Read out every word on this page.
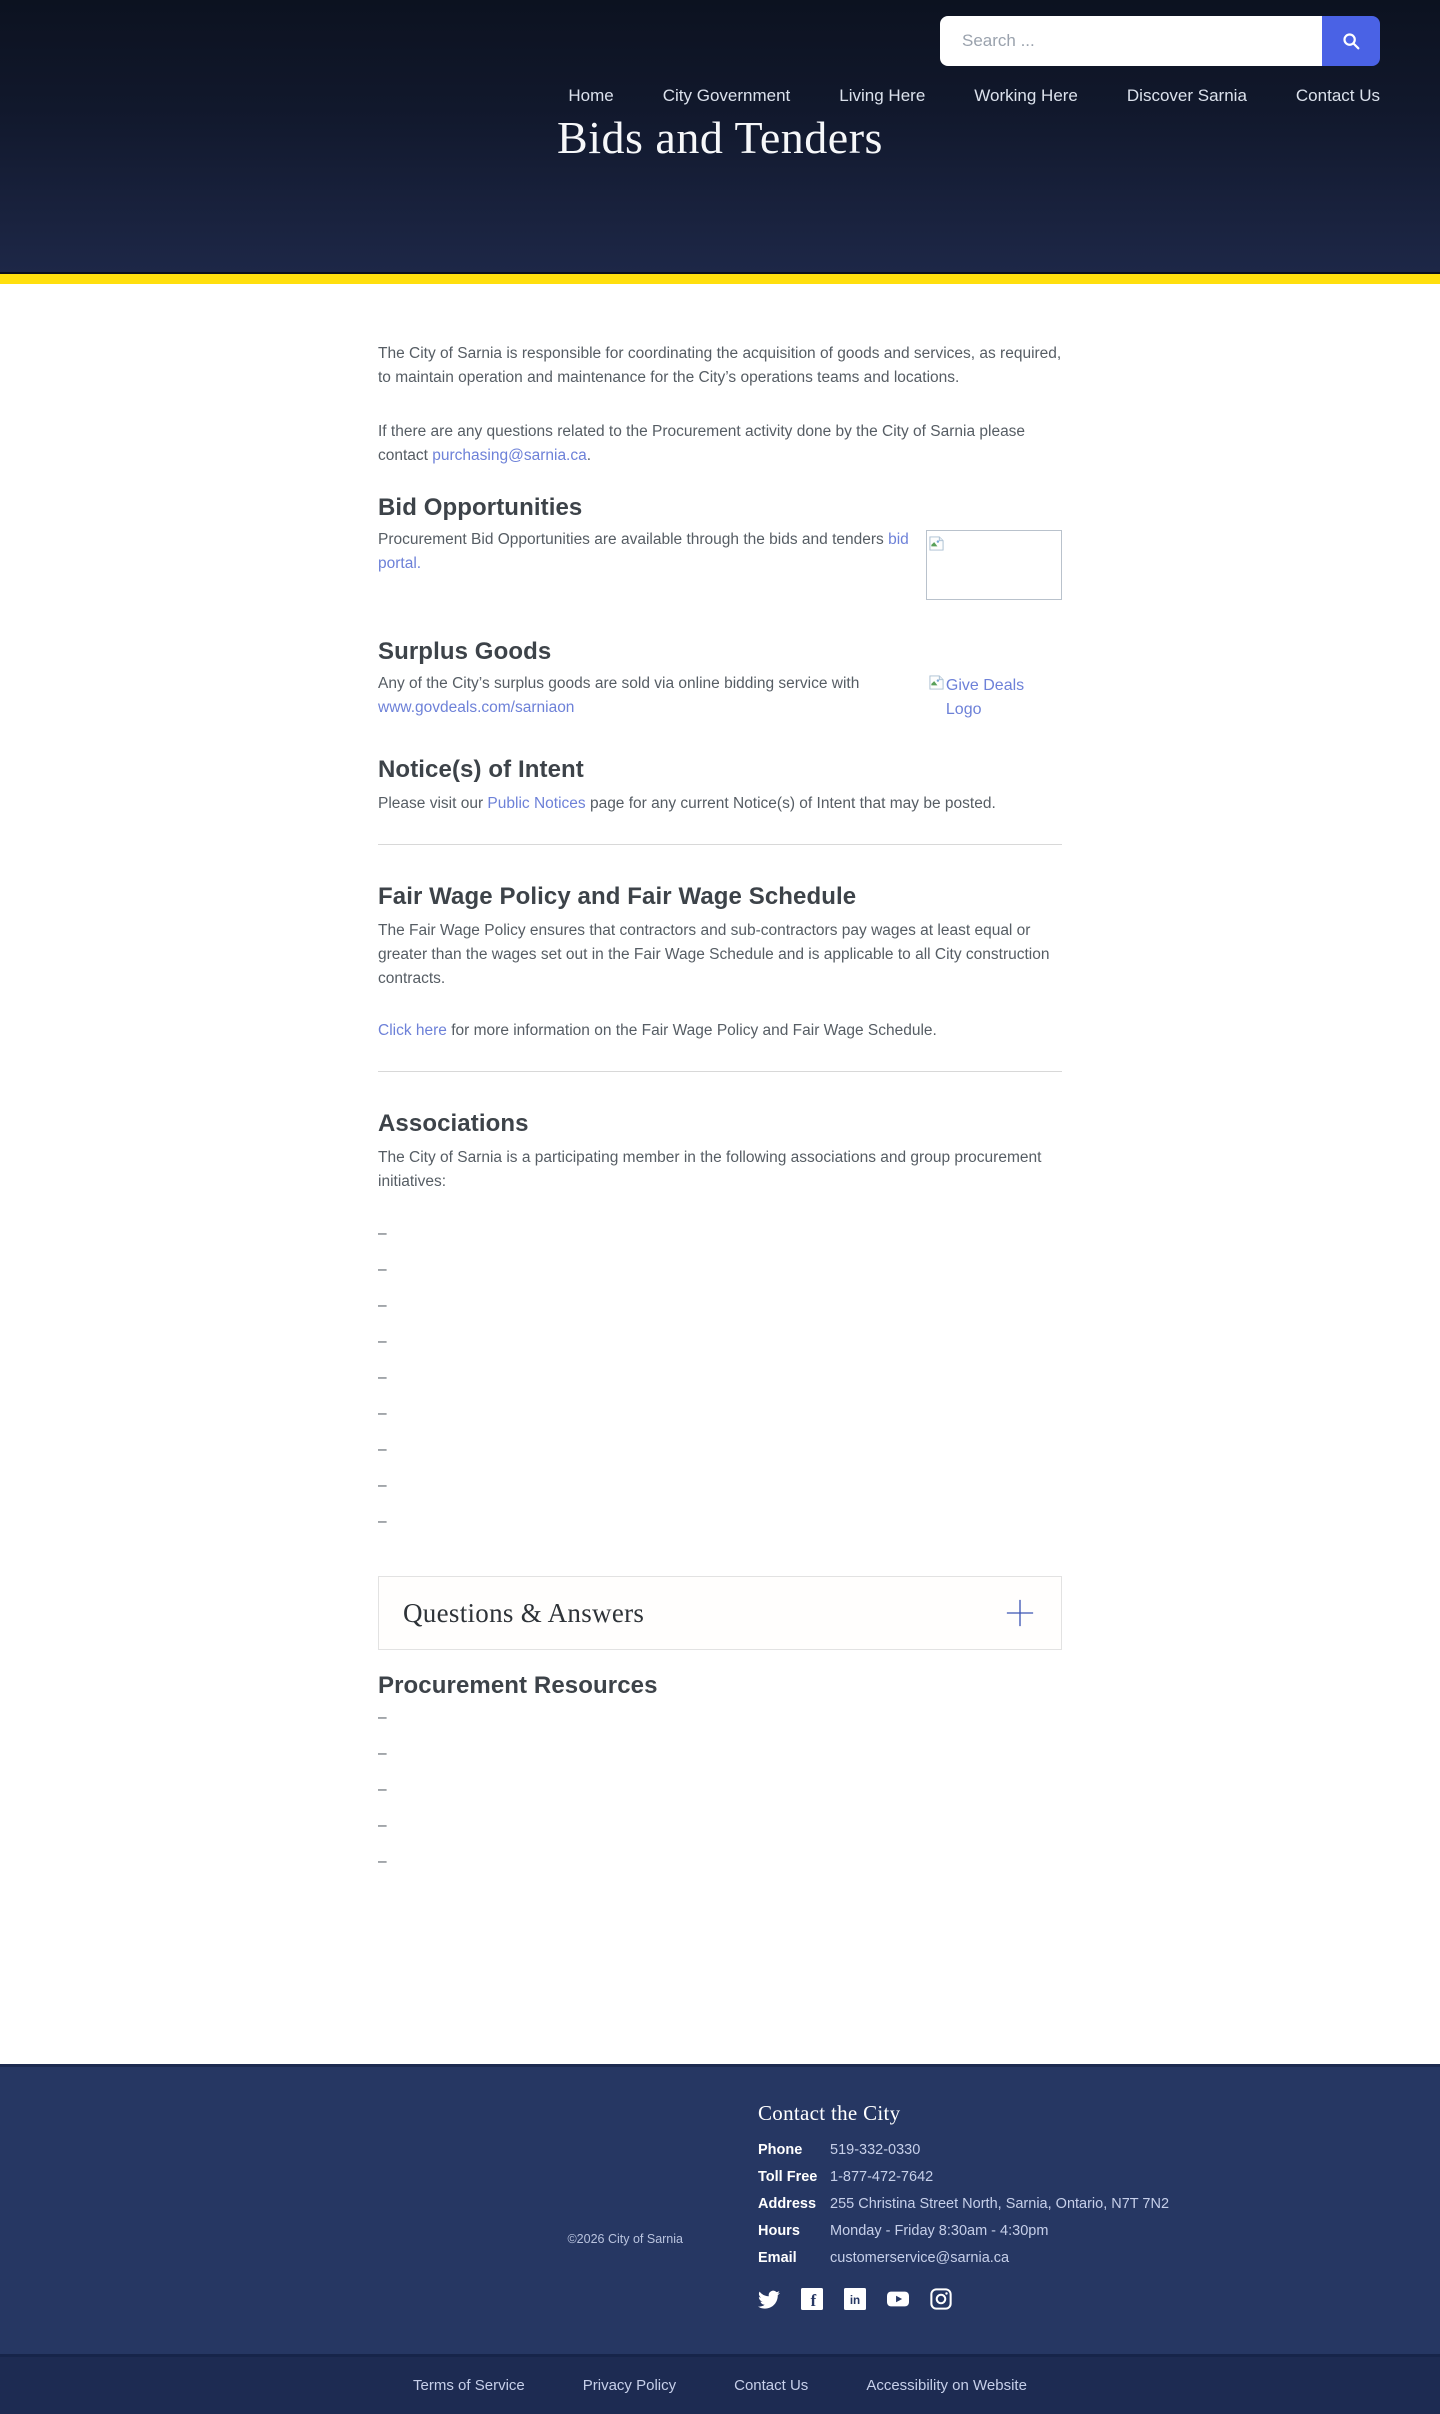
Search ...
Home	City Government	Living Here	Working Here	Discover Sarnia	Contact Us
Bids and Tenders

The City of Sarnia is responsible for coordinating the acquisition of goods and services, as required, to maintain operation and maintenance for the City’s operations teams and locations.

If there are any questions related to the Procurement activity done by the City of Sarnia please contact purchasing@sarnia.ca.

Bid Opportunities

Procurement Bid Opportunities are available through the bids and tenders bid portal.

Surplus Goods

Any of the City’s surplus goods are sold via online bidding service with www.govdeals.com/sarniaon

Give Deals Logo
Notice(s) of Intent

Please visit our Public Notices page for any current Notice(s) of Intent that may be posted.

Fair Wage Policy and Fair Wage Schedule

The Fair Wage Policy ensures that contractors and sub-contractors pay wages at least equal or greater than the wages set out in the Fair Wage Schedule and is applicable to all City construction contracts.

Click here for more information on the Fair Wage Policy and Fair Wage Schedule.

Associations

The City of Sarnia is a participating member in the following associations and group procurement initiatives:

–
–
–
–
–
–
–
–
–
Questions & Answers
Procurement Resources
–
–
–
–
–
©2026 City of Sarnia
Contact the City
Phone	519-332-0330
Toll Free 1-877-472-7642
Address 255 Christina Street North, Sarnia, Ontario, N7T 7N2
Hours	Monday - Friday 8:30am - 4:30pm
Email	customerservice@sarnia.ca
f	in
Terms of Service	Privacy Policy	Contact Us	Accessibility on Website
